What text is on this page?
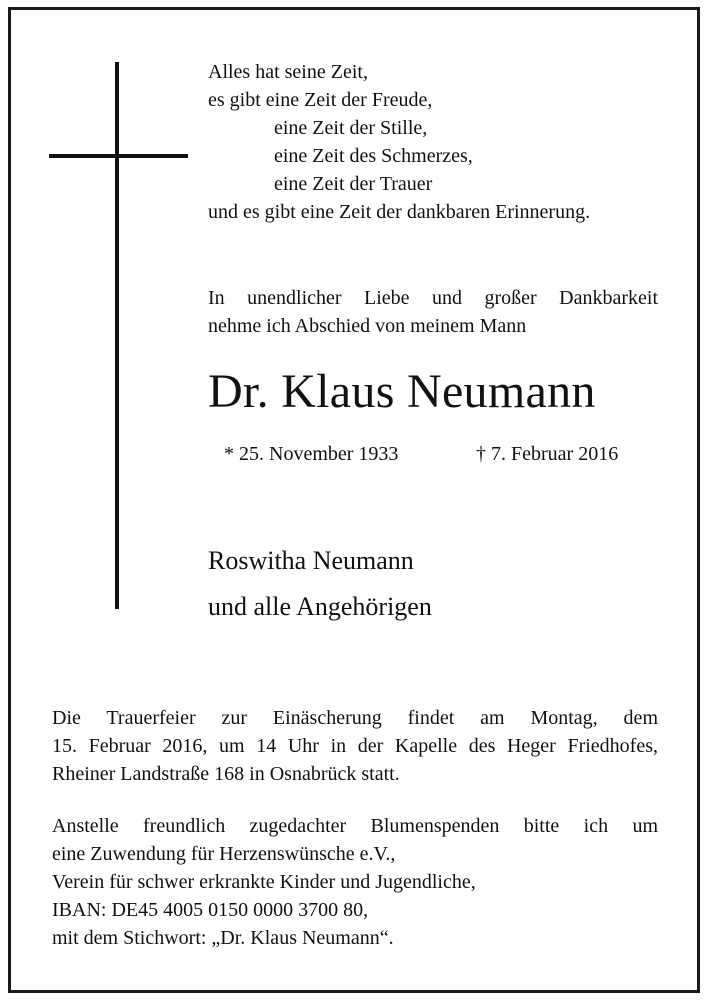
Alles hat seine Zeit,
es gibt eine Zeit der Freude,
eine Zeit der Stille,
eine Zeit des Schmerzes,
eine Zeit der Trauer
und es gibt eine Zeit der dankbaren Erinnerung.
In unendlicher Liebe und großer Dankbarkeit
nehme ich Abschied von meinem Mann
Dr. Klaus Neumann
* 25. November 1933	† 7. Februar 2016
Roswitha Neumann
und alle Angehörigen
Die Trauerfeier zur Einäscherung findet am Montag, dem
15. Februar 2016, um 14 Uhr in der Kapelle des Heger Friedhofes,
Rheiner Landstraße 168 in Osnabrück statt.
Anstelle freundlich zugedachter Blumenspenden bitte ich um
eine Zuwendung für Herzenswünsche e.V.,
Verein für schwer erkrankte Kinder und Jugendliche,
IBAN: DE45 4005 0150 0000 3700 80,
mit dem Stichwort: „Dr. Klaus Neumann“.
